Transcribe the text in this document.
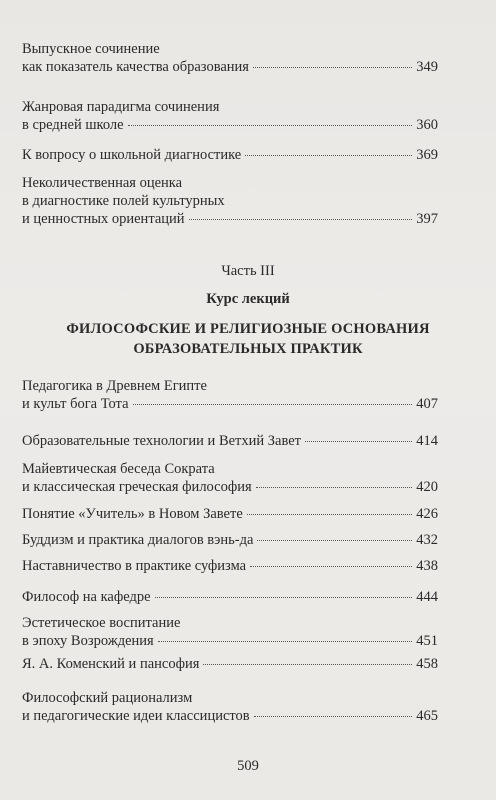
Выпускное сочинение
как показатель качества образования	349
Жанровая парадигма сочинения
в средней школе	360
К вопросу о школьной диагностике	369
Неколичественная оценка
в диагностике полей культурных
и ценностных ориентаций	397
Педагогика в Древнем Египте
и культ бога Тота	407
Образовательные технологии и Ветхий Завет	414
Майевтическая беседа Сократа
и классическая греческая философия	420
Понятие «Учитель» в Новом Завете	426
Буддизм и практика диалогов вэнь-да	432
Наставничество в практике суфизма	438
Философ на кафедре	444
Эстетическое воспитание
в эпоху Возрождения	451
Я. А. Коменский и пансофия	458
Философский рационализм
и педагогические идеи классицистов	465
Часть III
Курс лекций
ФИЛОСОФСКИЕ И РЕЛИГИОЗНЫЕ ОСНОВАНИЯ
ОБРАЗОВАТЕЛЬНЫХ ПРАКТИК
509
